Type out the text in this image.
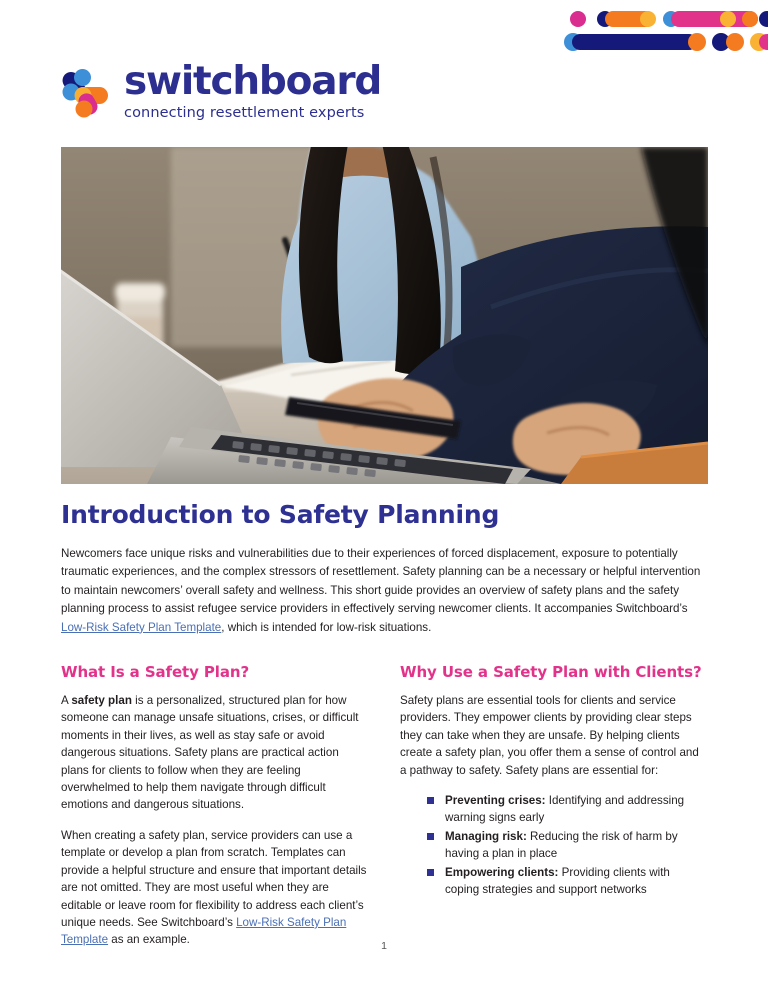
switchboard
connecting resettlement experts
Introduction to Safety Planning

Newcomers face unique risks and vulnerabilities due to their experiences of forced displacement, exposure to potentially traumatic experiences, and the complex stressors of resettlement. Safety planning can be a necessary or helpful intervention to maintain newcomers’ overall safety and wellness. This short guide provides an overview of safety plans and the safety planning process to assist refugee service providers in effectively serving newcomer clients. It accompanies Switchboard’s Low-Risk Safety Plan Template, which is intended for low-risk situations.

What Is a Safety Plan?

A safety plan is a personalized, structured plan for how someone can manage unsafe situations, crises, or difficult moments in their lives, as well as stay safe or avoid dangerous situations. Safety plans are practical action plans for clients to follow when they are feeling overwhelmed to help them navigate through difficult emotions and dangerous situations.

When creating a safety plan, service providers can use a template or develop a plan from scratch. Templates can provide a helpful structure and ensure that important details are not omitted. They are most useful when they are editable or leave room for flexibility to address each client’s unique needs. See Switchboard’s Low-Risk Safety Plan Template as an example.

Why Use a Safety Plan with Clients?

Safety plans are essential tools for clients and service providers. They empower clients by providing clear steps they can take when they are unsafe. By helping clients create a safety plan, you offer them a sense of control and a pathway to safety. Safety plans are essential for:

Preventing crises: Identifying and addressing warning signs early
Managing risk: Reducing the risk of harm by having a plan in place
Empowering clients: Providing clients with coping strategies and support networks
1
